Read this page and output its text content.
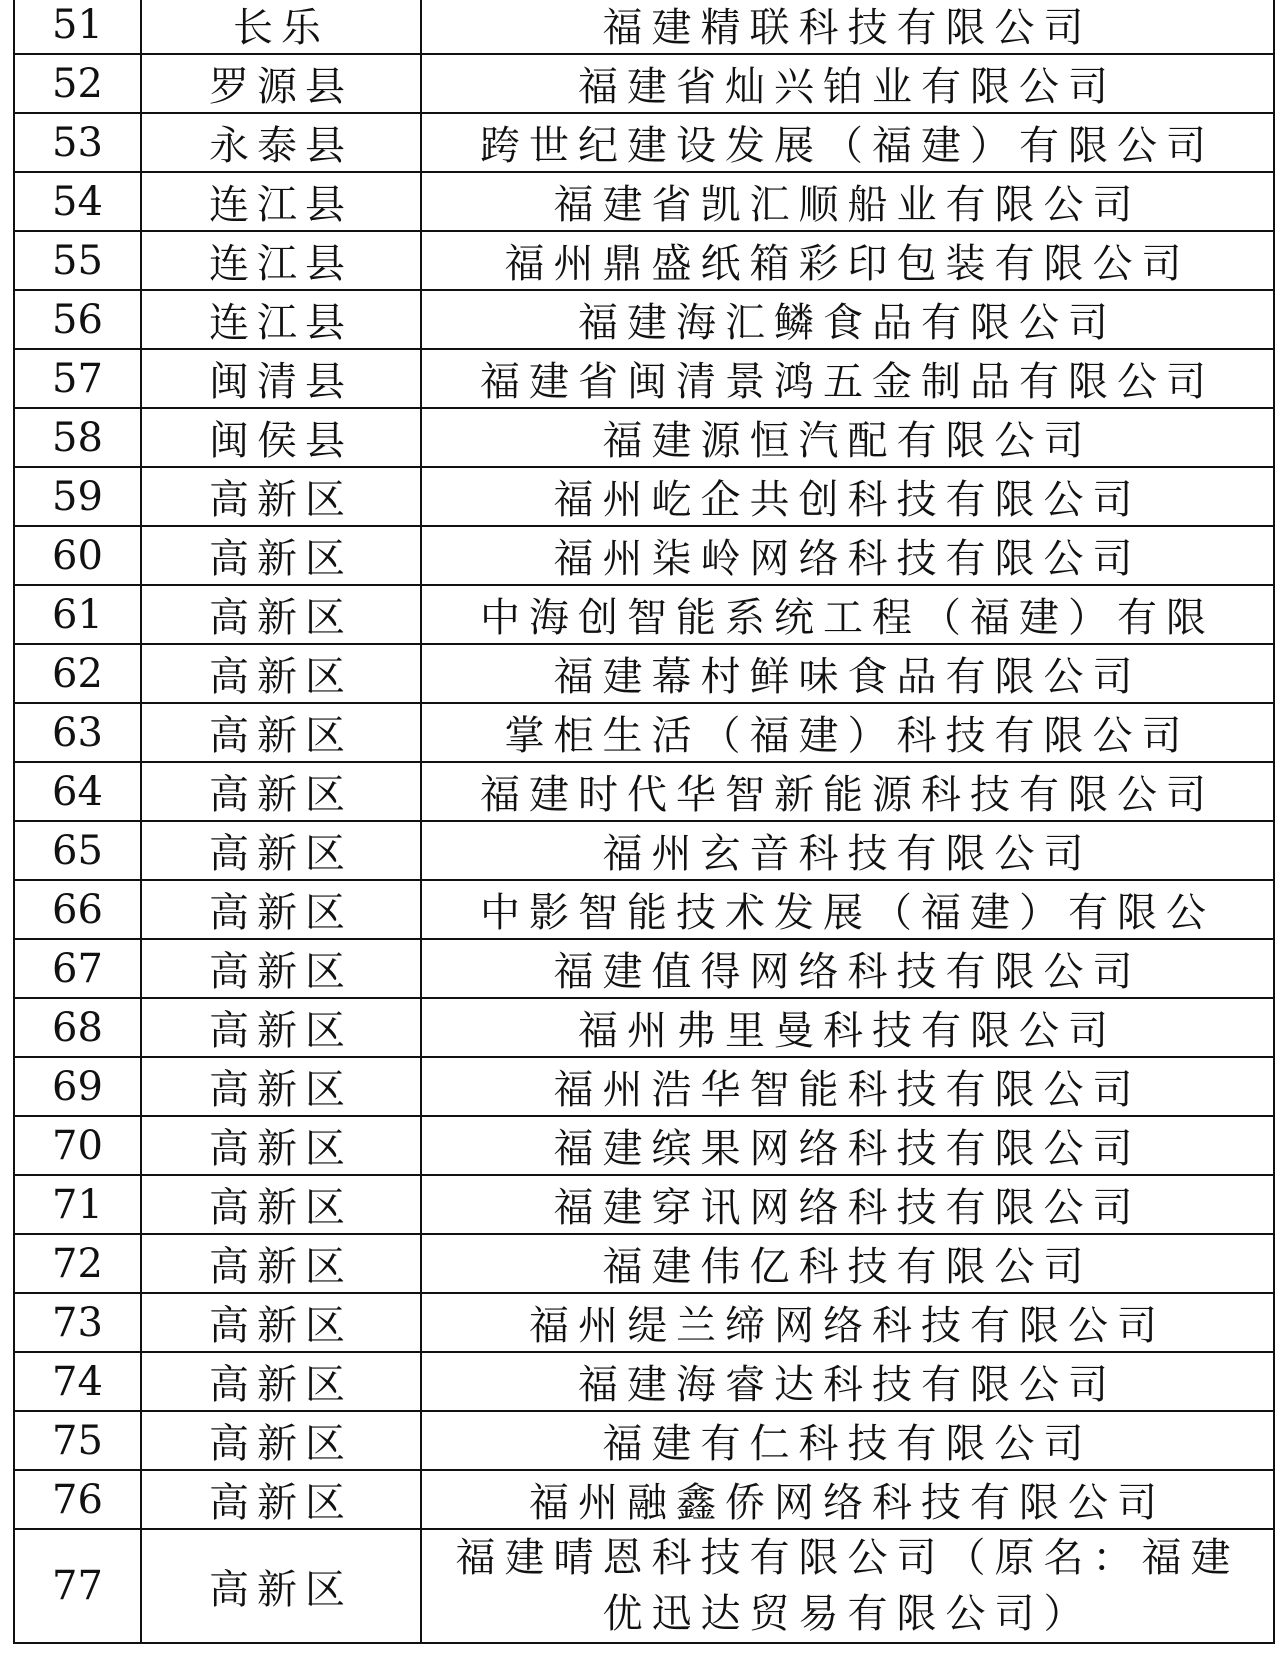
51	长乐	福建精联科技有限公司
52	罗源县	福建省灿兴铂业有限公司
53	永泰县	跨世纪建设发展（福建）有限公司
54	连江县	福建省凯汇顺船业有限公司
55	连江县	福州鼎盛纸箱彩印包装有限公司
56	连江县	福建海汇鳞食品有限公司
57	闽清县	福建省闽清景鸿五金制品有限公司
58	闽侯县	福建源恒汽配有限公司
59	高新区	福州屹企共创科技有限公司
60	高新区	福州柒岭网络科技有限公司
61	高新区	中海创智能系统工程（福建）有限
62	高新区	福建幕村鲜味食品有限公司
63	高新区	掌柜生活（福建）科技有限公司
64	高新区	福建时代华智新能源科技有限公司
65	高新区	福州玄音科技有限公司
66	高新区	中影智能技术发展（福建）有限公
67	高新区	福建值得网络科技有限公司
68	高新区	福州弗里曼科技有限公司
69	高新区	福州浩华智能科技有限公司
70	高新区	福建缤果网络科技有限公司
71	高新区	福建穿讯网络科技有限公司
72	高新区	福建伟亿科技有限公司
73	高新区	福州缇兰缔网络科技有限公司
74	高新区	福建海睿达科技有限公司
75	高新区	福建有仁科技有限公司
76	高新区	福州融鑫侨网络科技有限公司
77	高新区	福建晴恩科技有限公司（原名：福建优迅达贸易有限公司）
